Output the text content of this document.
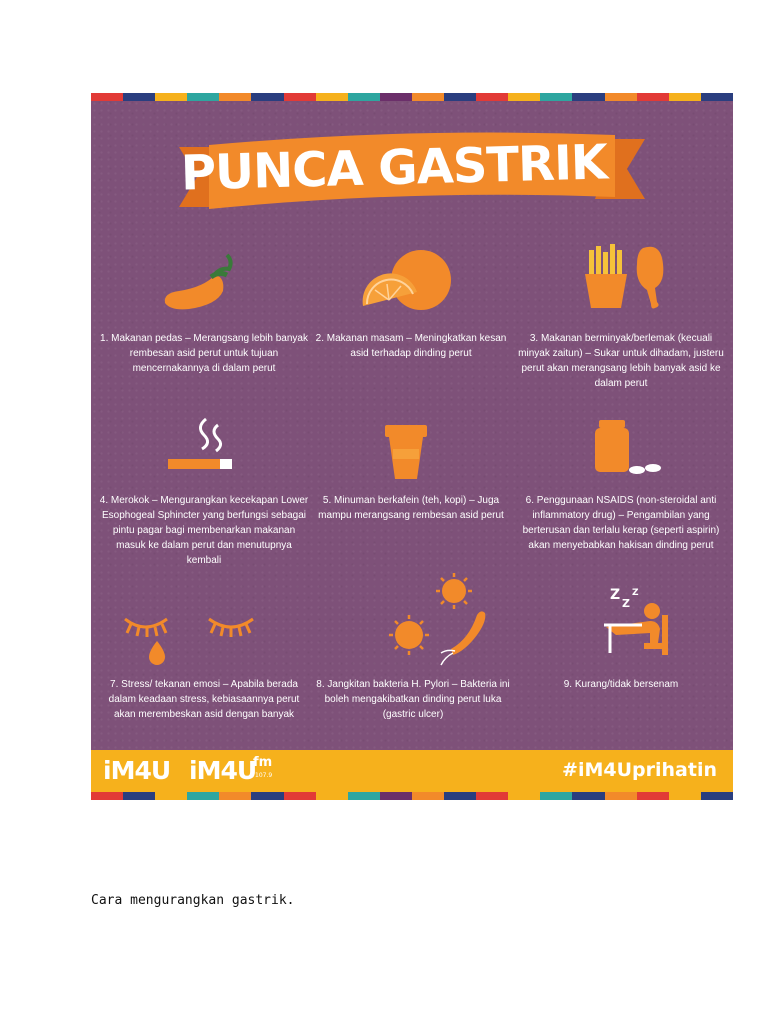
PUNCA GASTRIK
Z
Z
Z
1. Makanan pedas – Merangsang lebih banyak rembesan asid perut untuk tujuan mencernakannya di dalam perut
2. Makanan masam – Meningkatkan kesan asid terhadap dinding perut
3. Makanan berminyak/berlemak (kecuali minyak zaitun) – Sukar untuk dihadam, justeru perut akan merangsang lebih banyak asid ke dalam perut
4. Merokok – Mengurangkan kecekapan Lower Esophogeal Sphincter yang berfungsi sebagai pintu pagar bagi membenarkan makanan masuk ke dalam perut dan menutupnya kembali
5. Minuman berkafein (teh, kopi) – Juga mampu merangsang rembesan asid perut
6. Penggunaan NSAIDS (non-steroidal anti inflammatory drug) – Pengambilan yang berterusan dan terlalu kerap (seperti aspirin) akan menyebabkan hakisan dinding perut
7. Stress/ tekanan emosi – Apabila berada dalam keadaan stress, kebiasaannya perut akan merembeskan asid dengan banyak
8. Jangkitan bakteria H. Pylori – Bakteria ini boleh mengakibatkan dinding perut luka (gastric ulcer)
9. Kurang/tidak bersenam
iM4U iM4U
fm
107.9	#iM4Uprihatin
Cara mengurangkan gastrik.
